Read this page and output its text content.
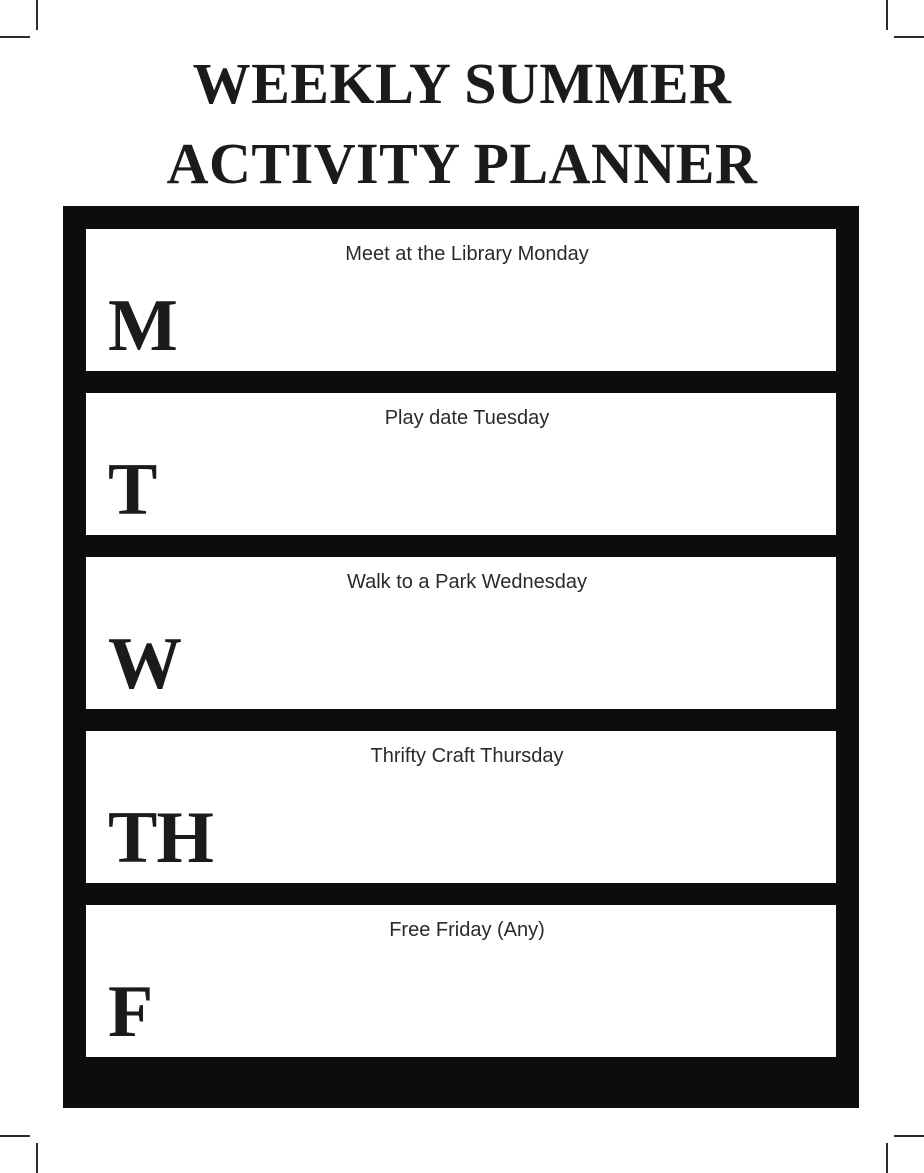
WEEKLY SUMMER ACTIVITY PLANNER
Meet at the Library Monday
M
Play date Tuesday
T
Walk to a Park Wednesday
W
Thrifty Craft Thursday
TH
Free Friday (Any)
F
